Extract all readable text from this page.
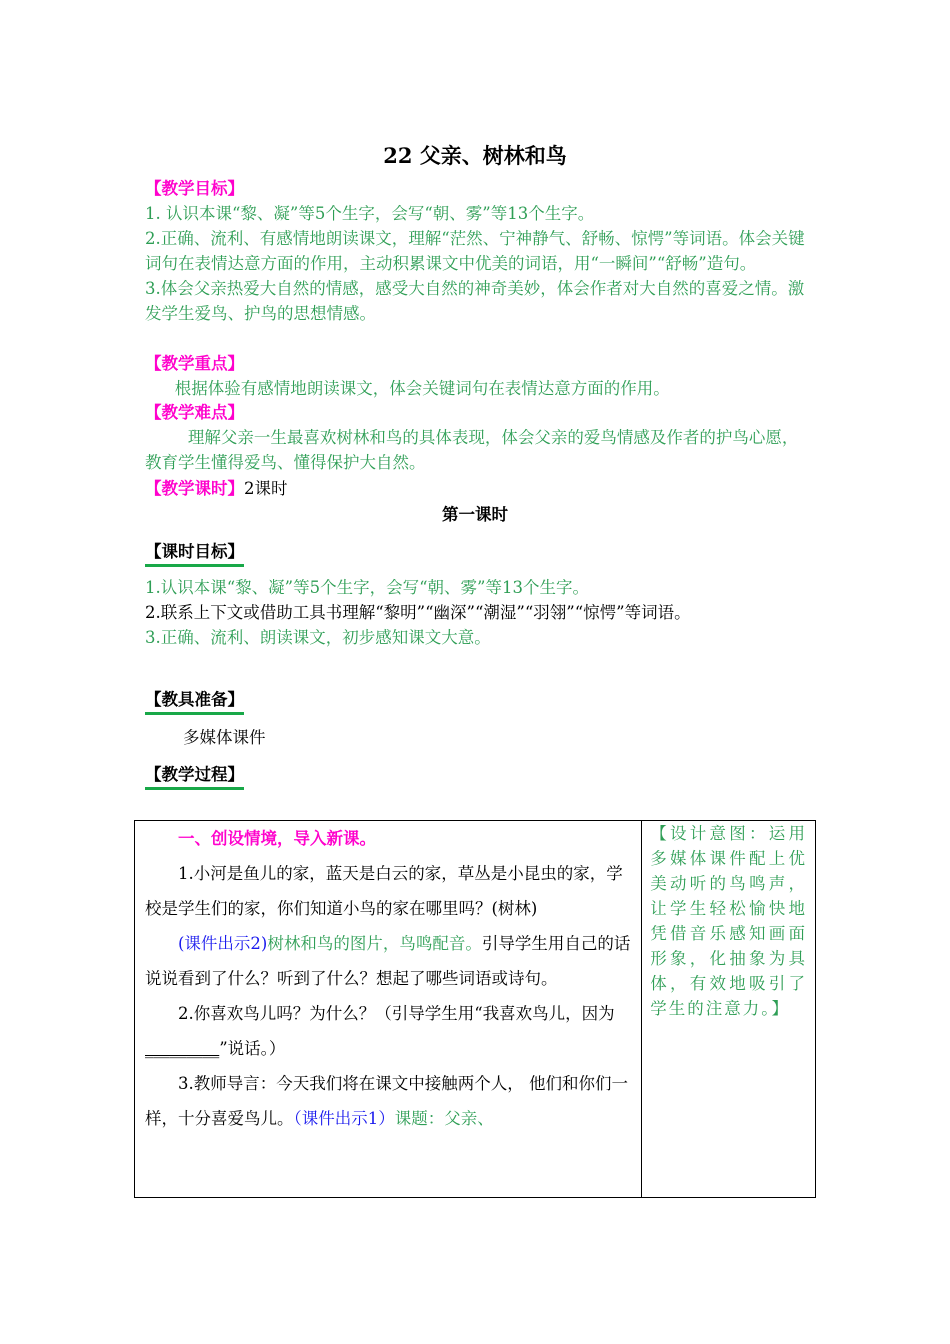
22 父亲、树林和鸟
【教学目标】
1. 认识本课“黎、凝”等5个生字，会写“朝、雾”等13个生字。
2.正确、流利、有感情地朗读课文，理解“茫然、宁神静气、舒畅、惊愕”等词语。体会关键词句在表情达意方面的作用，主动积累课文中优美的词语，用“一瞬间”“舒畅”造句。
3.体会父亲热爱大自然的情感，感受大自然的神奇美妙，体会作者对大自然的喜爱之情。激发学生爱鸟、护鸟的思想情感。
【教学重点】
根据体验有感情地朗读课文，体会关键词句在表情达意方面的作用。
【教学难点】
理解父亲一生最喜欢树林和鸟的具体表现，体会父亲的爱鸟情感及作者的护鸟心愿，教育学生懂得爱鸟、懂得保护大自然。
【教学课时】2课时
第一课时
【课时目标】
1.认识本课“黎、凝”等5个生字，会写“朝、雾”等13个生字。
2.联系上下文或借助工具书理解“黎明”“幽深”“潮湿”“羽翎”“惊愕”等词语。
3.正确、流利、朗读课文，初步感知课文大意。
【教具准备】
多媒体课件
【教学过程】
一、创设情境，导入新课。
1.小河是鱼儿的家，蓝天是白云的家，草丛是小昆虫的家，学校是学生们的家，你们知道小鸟的家在哪里吗？(树林)
(课件出示2)树林和鸟的图片，鸟鸣配音。引导学生用自己的话说说看到了什么？听到了什么？想起了哪些词语或诗句。
2.你喜欢鸟儿吗？为什么？（引导学生用“我喜欢鸟儿，因为_________”说话。）
3.教师导言：今天我们将在课文中接触两个人， 他们和你们一样，十分喜爱鸟儿。（课件出示1）课题：父亲、

【设计意图：运用多媒体课件配上优美动听的鸟鸣声，让学生轻松愉快地凭借音乐感知画面形象，化抽象为具体，有效地吸引了学生的注意力。】
